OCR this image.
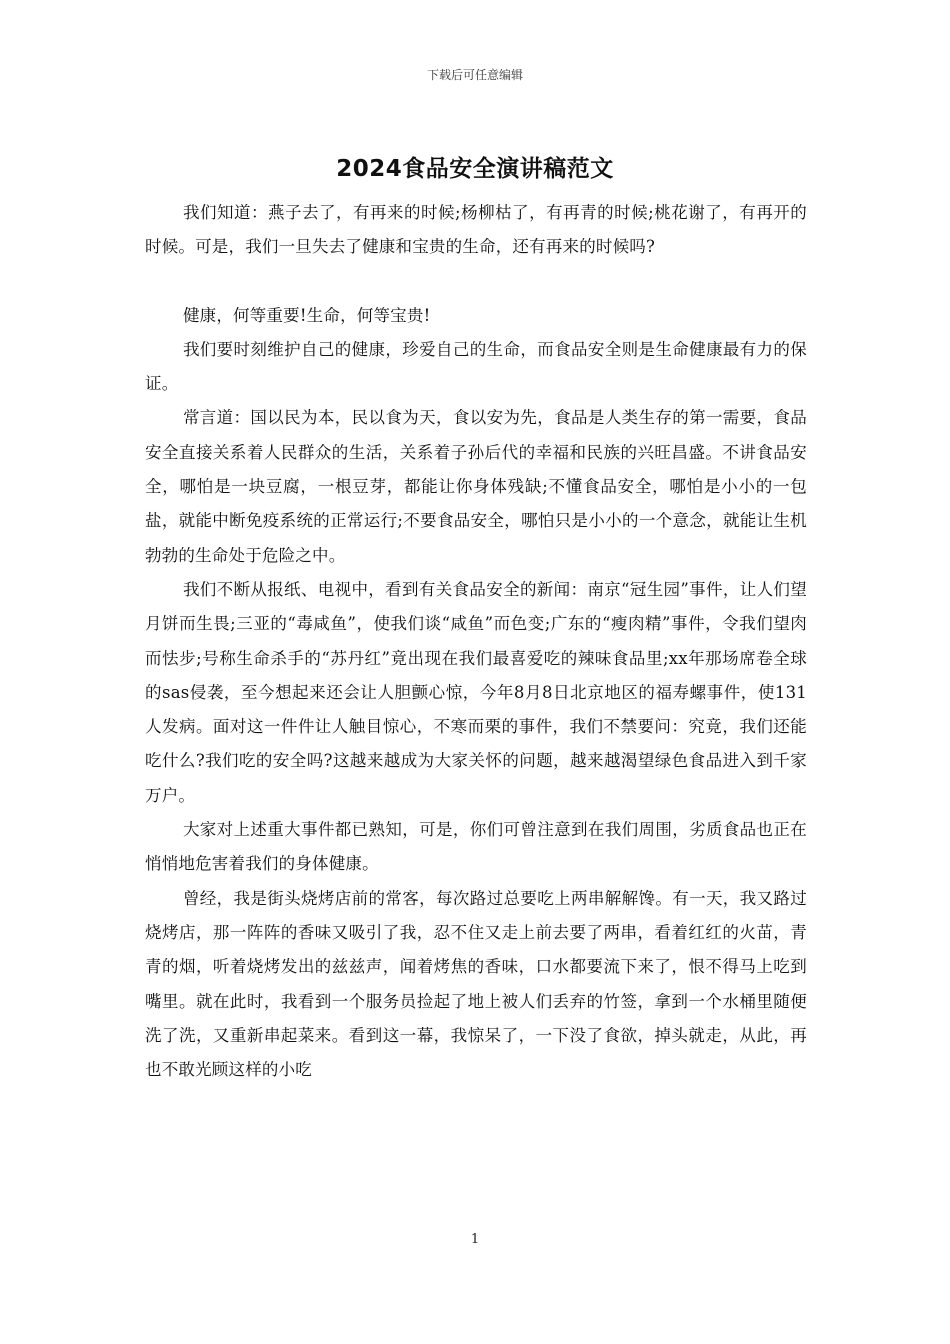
下载后可任意编辑
2024食品安全演讲稿范文

我们知道：燕子去了，有再来的时候;杨柳枯了，有再青的时候;桃花谢了，有再开的时候。可是，我们一旦失去了健康和宝贵的生命，还有再来的时候吗?

健康，何等重要!生命，何等宝贵!

我们要时刻维护自己的健康，珍爱自己的生命，而食品安全则是生命健康最有力的保证。

常言道：国以民为本，民以食为天，食以安为先，食品是人类生存的第一需要，食品安全直接关系着人民群众的生活，关系着子孙后代的幸福和民族的兴旺昌盛。不讲食品安全，哪怕是一块豆腐，一根豆芽，都能让你身体残缺;不懂食品安全，哪怕是小小的一包盐，就能中断免疫系统的正常运行;不要食品安全，哪怕只是小小的一个意念，就能让生机勃勃的生命处于危险之中。

我们不断从报纸、电视中，看到有关食品安全的新闻：南京“冠生园”事件，让人们望月饼而生畏;三亚的“毒咸鱼”，使我们谈“咸鱼”而色变;广东的“瘦肉精”事件，令我们望肉而怯步;号称生命杀手的“苏丹红”竟出现在我们最喜爱吃的辣味食品里;xx年那场席卷全球的sas侵袭，至今想起来还会让人胆颤心惊，今年8月8日北京地区的福寿螺事件，使131人发病。面对这一件件让人触目惊心，不寒而栗的事件，我们不禁要问：究竟，我们还能吃什么?我们吃的安全吗?这越来越成为大家关怀的问题，越来越渴望绿色食品进入到千家万户。

大家对上述重大事件都已熟知，可是，你们可曾注意到在我们周围，劣质食品也正在悄悄地危害着我们的身体健康。

曾经，我是街头烧烤店前的常客，每次路过总要吃上两串解解馋。有一天，我又路过烧烤店，那一阵阵的香味又吸引了我，忍不住又走上前去要了两串，看着红红的火苗，青青的烟，听着烧烤发出的兹兹声，闻着烤焦的香味，口水都要流下来了，恨不得马上吃到嘴里。就在此时，我看到一个服务员捡起了地上被人们丢弃的竹签，拿到一个水桶里随便洗了洗，又重新串起菜来。看到这一幕，我惊呆了，一下没了食欲，掉头就走，从此，再也不敢光顾这样的小吃

1
